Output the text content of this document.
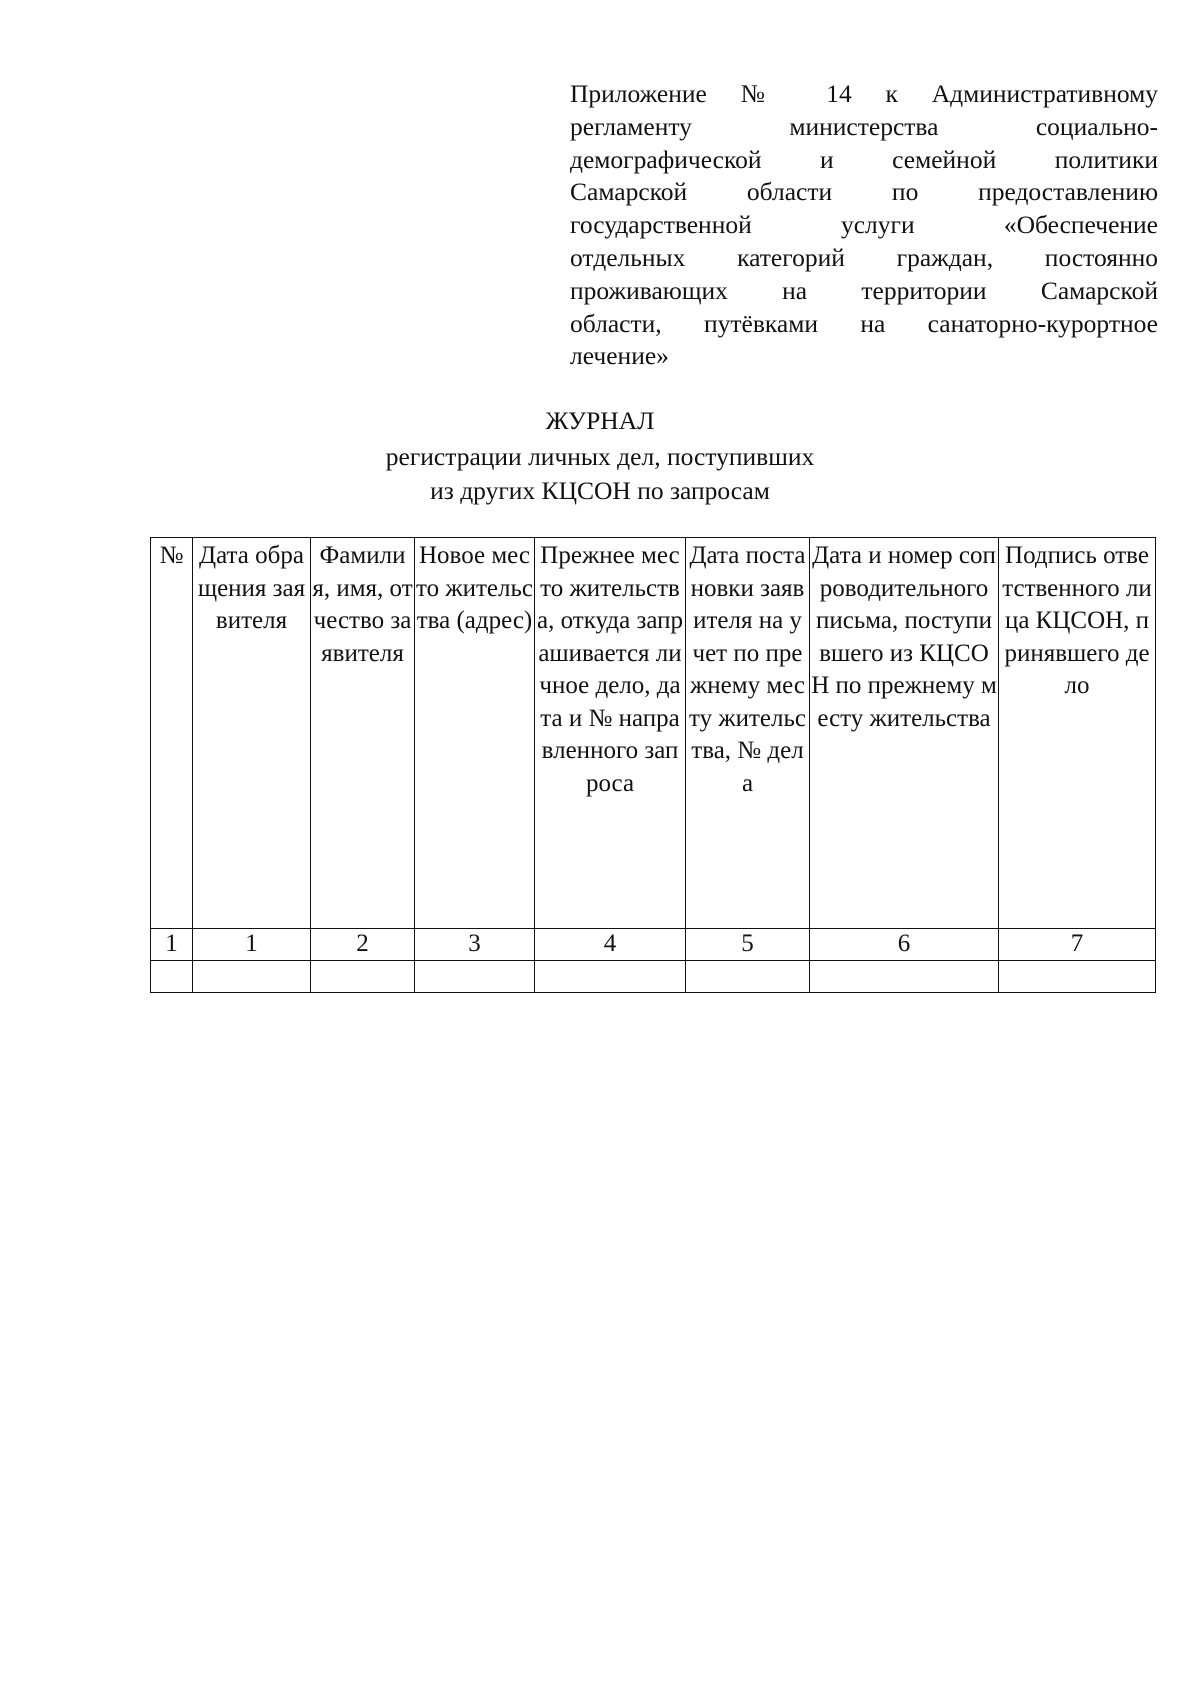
Приложение № 14 к Административному
регламенту министерства социально-
демографической и семейной политики
Самарской области по предоставлению
государственной услуги «Обеспечение
отдельных категорий граждан, постоянно
проживающих на территории Самарской
области, путёвками на санаторно-курортное
лечение»
ЖУРНАЛ
регистрации личных дел, поступивших
из других КЦСОН по запросам
№	Дата обращения заявителя	Фамилия, имя, отчество заявителя	Новое место жительства (адрес)	Прежнее место жительства, откуда запрашивается личное дело, дата и № направленного запроса	Дата постановки заявителя на учет по прежнему месту жительства, № дела	Дата и номер сопроводительного письма, поступившего из КЦСОН по прежнему месту жительства	Подпись ответственного лица КЦСОН, принявшего дело

1	1	2	3	4	5	6	7
